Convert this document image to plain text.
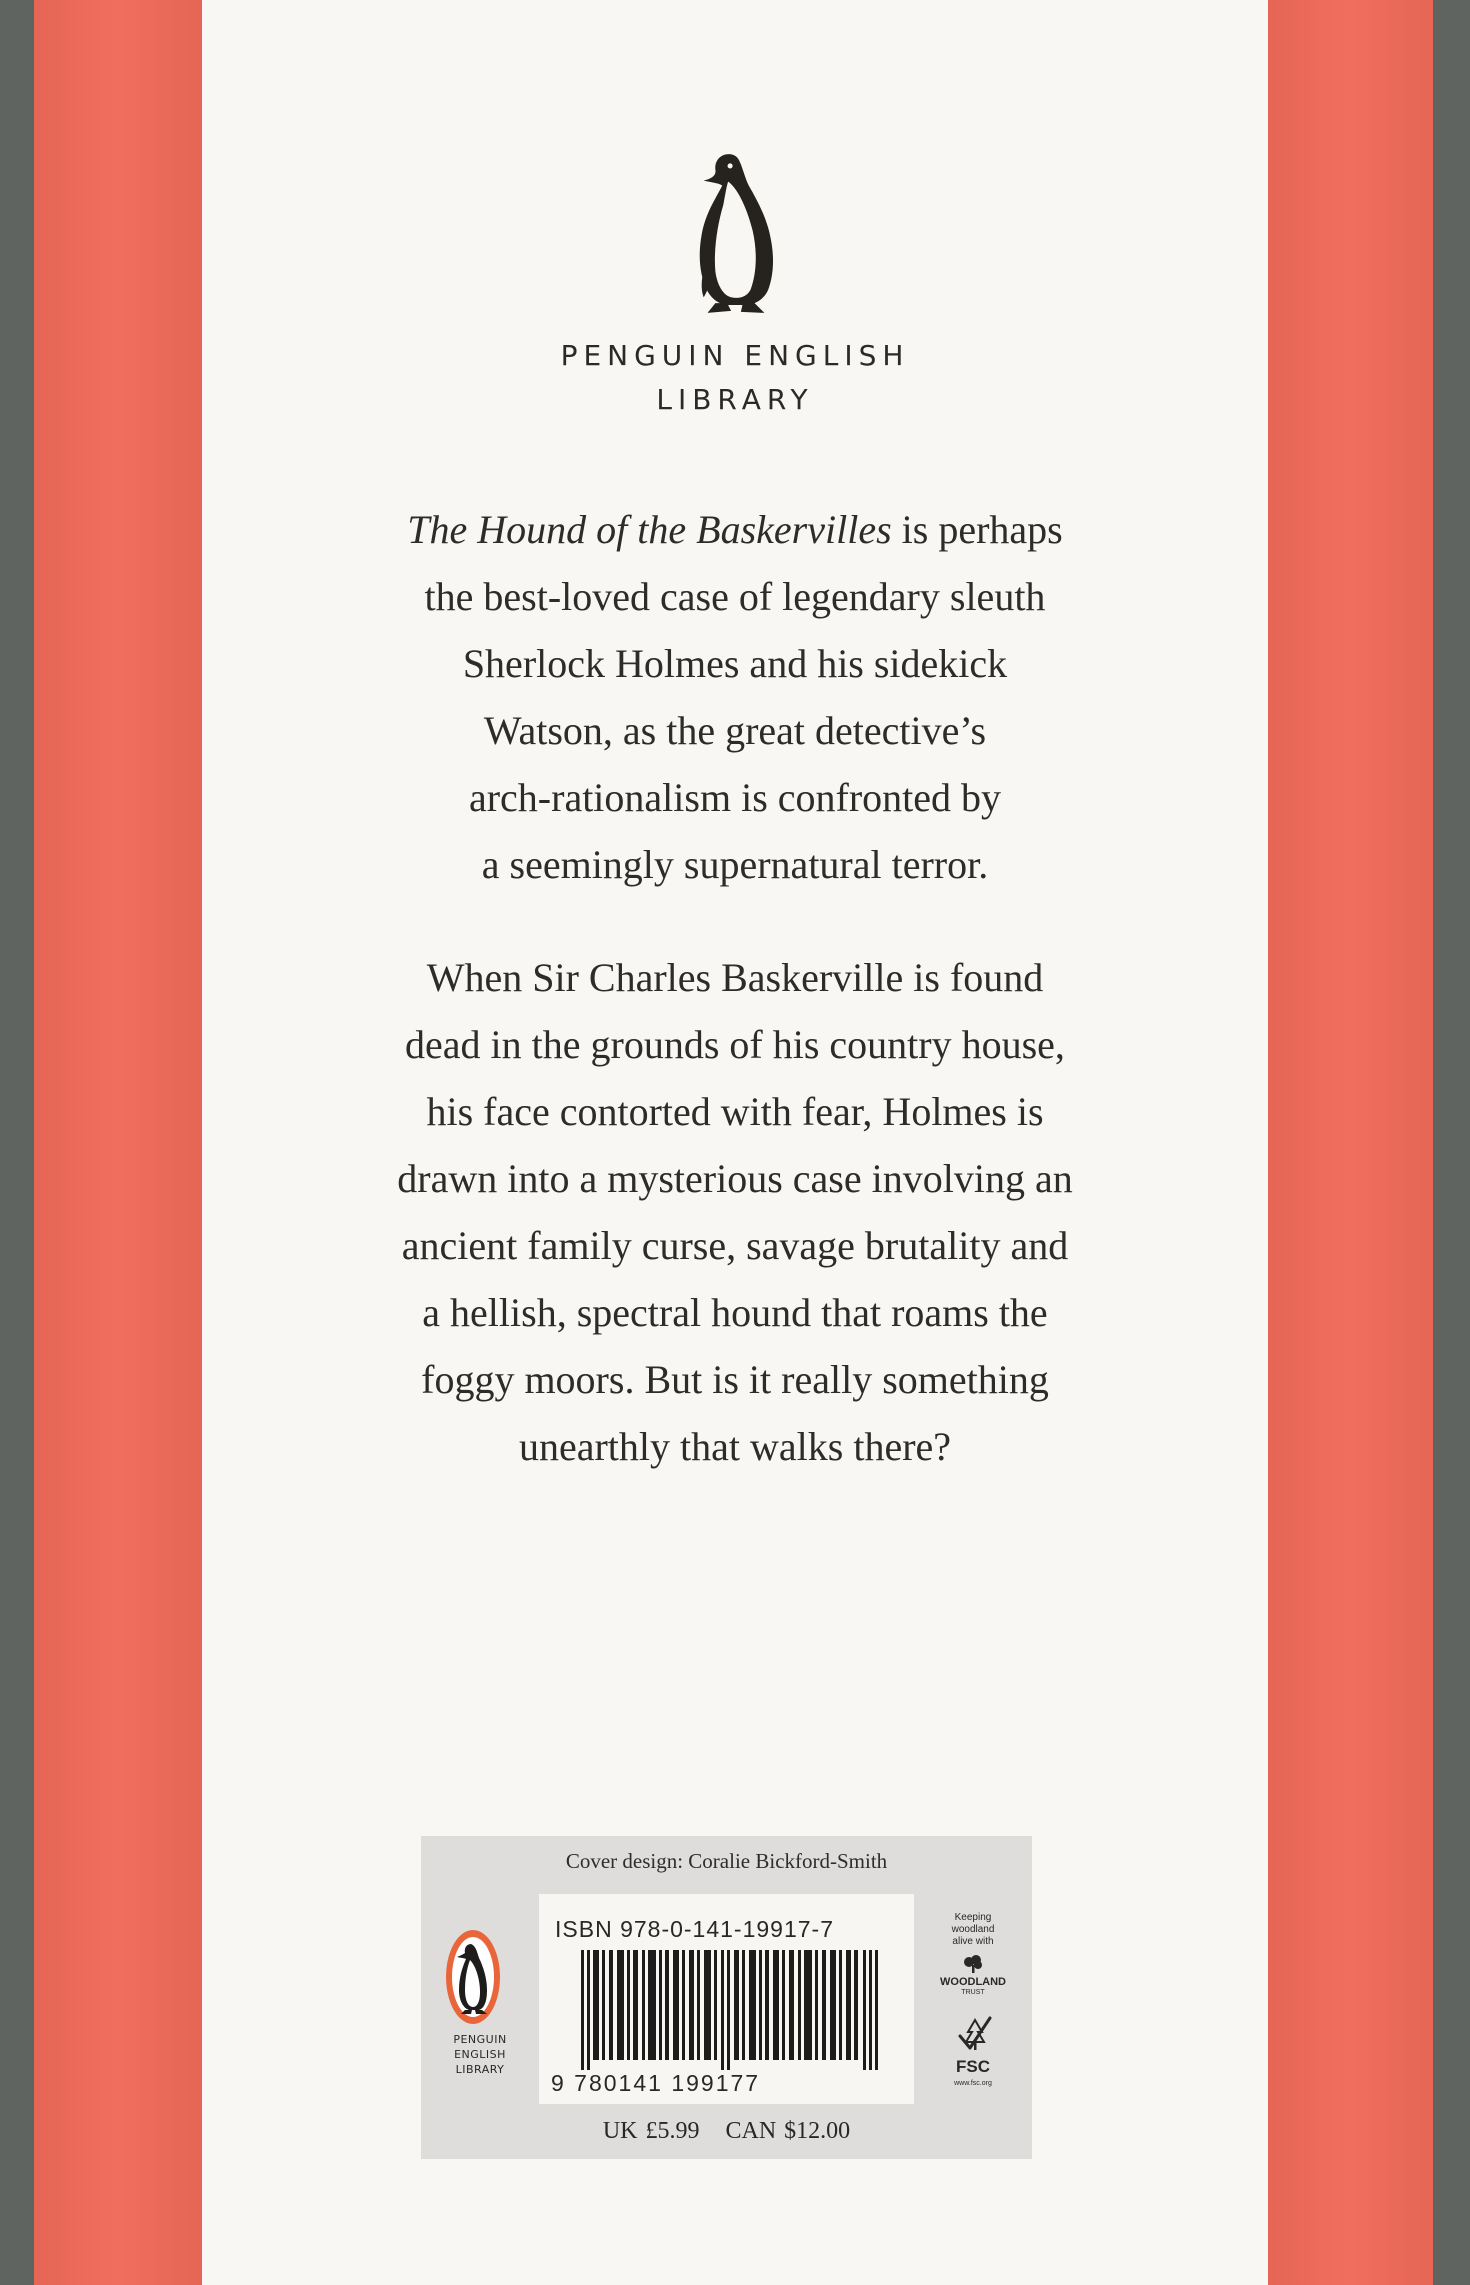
PENGUIN ENGLISH
LIBRARY
The Hound of the Baskervilles is perhaps
the best-loved case of legendary sleuth
Sherlock Holmes and his sidekick
Watson, as the great detective’s
arch-rationalism is confronted by
a seemingly supernatural terror.
When Sir Charles Baskerville is found
dead in the grounds of his country house,
his face contorted with fear, Holmes is
drawn into a mysterious case involving an
ancient family curse, savage brutality and
a hellish, spectral hound that roams the
foggy moors. But is it really something
unearthly that walks there?
Cover design: Coralie Bickford-Smith
PENGUIN
ENGLISH
LIBRARY
ISBN 978-0-141-19917-7
9 780141 199177
Keeping
woodland
alive with
WOODLAND
TRUST
FSC
www.fsc.org
UK £5.99 CAN $12.00
